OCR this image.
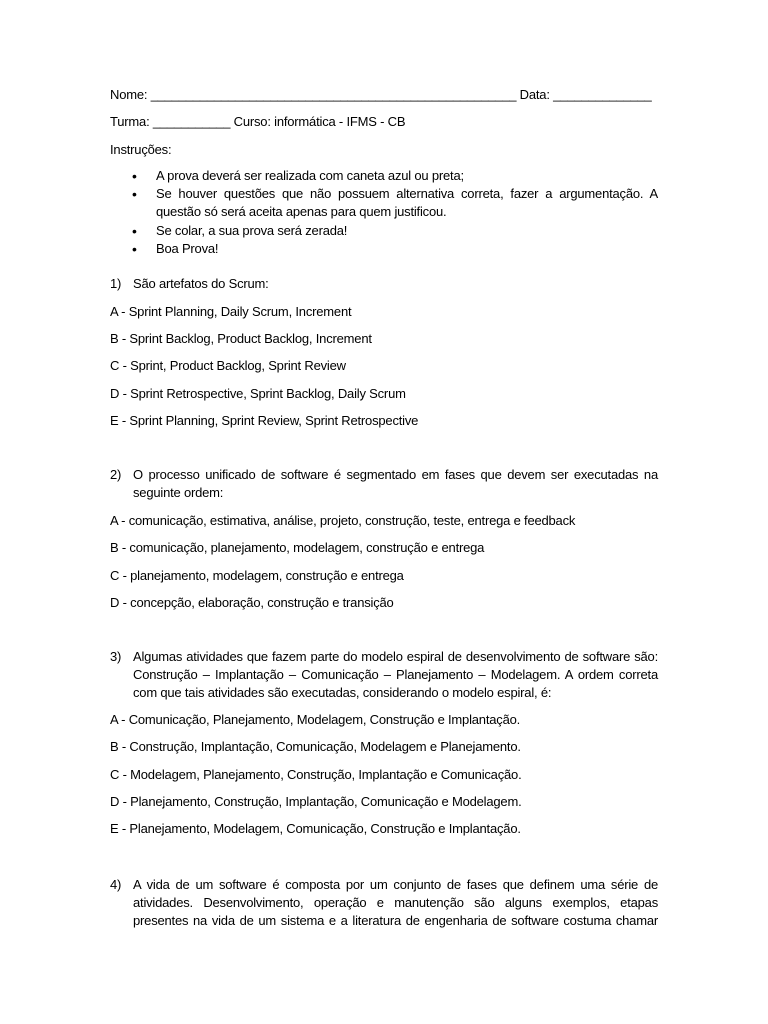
Nome: ____________________________________________________ Data: ______________
Turma: ___________ Curso: informática - IFMS - CB
Instruções:
• A prova deverá ser realizada com caneta azul ou preta;
• Se houver questões que não possuem alternativa correta, fazer a argumentação. A questão só será aceita apenas para quem justificou.
• Se colar, a sua prova será zerada!
• Boa Prova!
1) São artefatos do Scrum:
A - Sprint Planning, Daily Scrum, Increment
B - Sprint Backlog, Product Backlog, Increment
C - Sprint, Product Backlog, Sprint Review
D - Sprint Retrospective, Sprint Backlog, Daily Scrum
E - Sprint Planning, Sprint Review, Sprint Retrospective
2) O processo unificado de software é segmentado em fases que devem ser executadas na seguinte ordem:
A - comunicação, estimativa, análise, projeto, construção, teste, entrega e feedback
B - comunicação, planejamento, modelagem, construção e entrega
C - planejamento, modelagem, construção e entrega
D - concepção, elaboração, construção e transição
3) Algumas atividades que fazem parte do modelo espiral de desenvolvimento de software são: Construção – Implantação – Comunicação – Planejamento – Modelagem. A ordem correta com que tais atividades são executadas, considerando o modelo espiral, é:
A - Comunicação, Planejamento, Modelagem, Construção e Implantação.
B - Construção, Implantação, Comunicação, Modelagem e Planejamento.
C - Modelagem, Planejamento, Construção, Implantação e Comunicação.
D - Planejamento, Construção, Implantação, Comunicação e Modelagem.
E - Planejamento, Modelagem, Comunicação, Construção e Implantação.
4) A vida de um software é composta por um conjunto de fases que definem uma série de atividades. Desenvolvimento, operação e manutenção são alguns exemplos, etapas presentes na vida de um sistema e a literatura de engenharia de software costuma chamar
